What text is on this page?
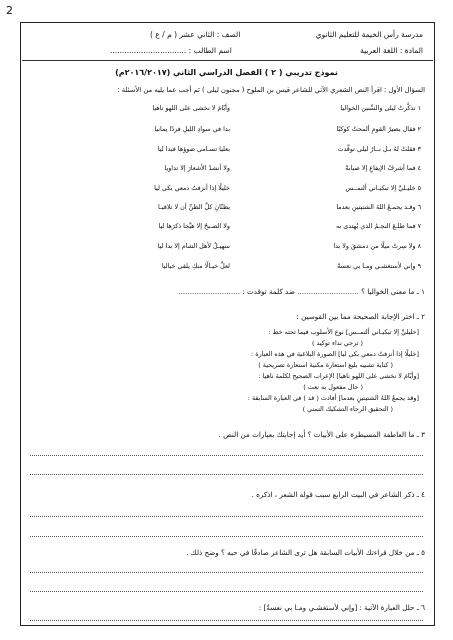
2
مدرسة رأس الخيمة للتعليم الثانوي
الصف : الثاني عشر ( م / ع )
المادة : اللغة العربية
اسم الطالب : ................................
نموذج تدريبي ( ٢ ) الفصل الدراسي الثاني (٢٠١٦/٢٠١٧م)
السؤال الأول : اقرأ النص الشعري الآتي للشاعر قيس بن الملوح ( مجنون ليلى ) ثم أجب عما يليه من الأسئلة :
١ تذكَّرتُ ليلى والسِّنين الخواليا
وأيّامَ لا نخشى على اللهو ناهيا
٢ فقال بصيرُ القومِ ألمحتُ كوكبًا
بدا في سوادِ الليلِ فردًا يمانيا
٣ فقلتُ لهُ بـل نــارُ ليلى توقَّدت
بعليا تسـامى ضوؤها فبدا ليا
٤ فما أشرفُ الإيفاعِ إلا صبابةً
ولا أنشدُ الأشعارَ إلا تداويا
٥ خليـليَّ إلا تبكيـاني ألتمــس
خليلًا إذا أنزفتُ دمعي بكى ليا
٦ وقـد يجمـعُ اللهُ الشتيتينِ بعدما
يظنّانِ كلَّ الظنِّ أن لا تلاقيـا
٧ فما طلـعَ النجـمُ الذي يُهتدى به
ولا الصـبحُ إلا هيَّجا ذكرَها ليا
٨ ولا سِرتُ ميلًا من دمشقَ ولا بدا
سهيـلٌ لأهل الشام إلا بدا ليا
٩ وإني لأستغشـي ومـا بي نعسةٌ
لعلَّ خيـالًا منكِ يلقى خياليا
١ ـ ما معنى الخواليا ؟ ........................... ضد كلمة توقدت : ...........................
٢ ـ اختر الإجابة الصحيحة مما بين القوسين :
[خليليَّ إلا تبكيـاني ألتمــس] نوع الأسلوب فيما تحته خط :
( ترجي نداء توكيد )
[خليلًا إذا أنزفتُ دمعي بكى ليا] الصورة البلاغية في هذه العبارة :
( كناية تشبيه بليغ استعارة مكنية استعارة تصريحية )
[وأيّامَ لا نخشى على اللهو ناهيا] الإعراب الصحيح لكلمة ناهيا :
( حال مفعول به نعت )
[وقد يجمعُ اللهُ الشتيتينِ بعدما] أفادت ( قد ) في العبارة السابقة :
( التحقيق الرجاء التشكيك التمني )
٣ ـ ما العاطفة المسيطرة على الأبيات ؟ أيد إجابتك بعبارات من النص .
٤ ـ ذكر الشاعر في البيت الرابع سبب قوله الشعر ، اذكره .
٥ ـ من خلال قراءتك الأبيات السابقة هل ترى الشاعر صادقًا في حبه ؟ وضح ذلك .
٦ ـ حلل العبارة الآتية : [وإني لأستغشـي ومـا بي نعسةٌ] :
